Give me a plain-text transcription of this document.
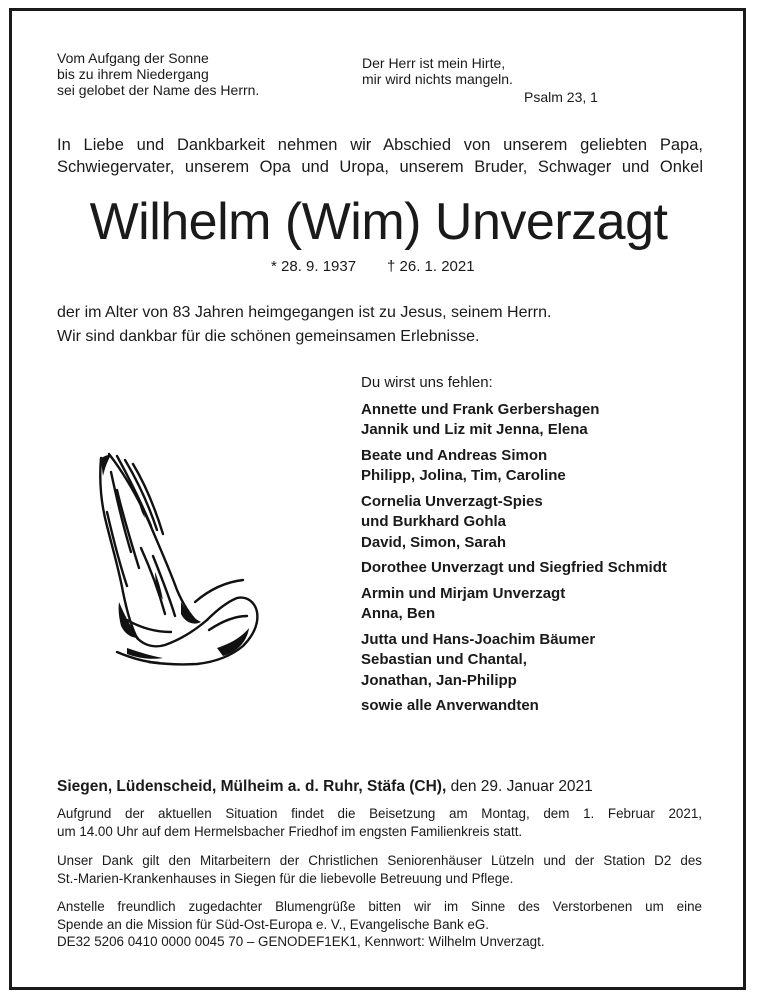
Vom Aufgang der Sonne
bis zu ihrem Niedergang
sei gelobet der Name des Herrn.
Der Herr ist mein Hirte,
mir wird nichts mangeln.
Psalm 23, 1
In Liebe und Dankbarkeit nehmen wir Abschied von unserem geliebten Papa,
Schwiegervater, unserem Opa und Uropa, unserem Bruder, Schwager und Onkel
Wilhelm (Wim) Unverzagt
* 28. 9. 1937 † 26. 1. 2021
der im Alter von 83 Jahren heimgegangen ist zu Jesus, seinem Herrn.
Wir sind dankbar für die schönen gemeinsamen Erlebnisse.
Du wirst uns fehlen:
Annette und Frank Gerbershagen
Jannik und Liz mit Jenna, Elena
Beate und Andreas Simon
Philipp, Jolina, Tim, Caroline
Cornelia Unverzagt-Spies
und Burkhard Gohla
David, Simon, Sarah
Dorothee Unverzagt und Siegfried Schmidt
Armin und Mirjam Unverzagt
Anna, Ben
Jutta und Hans-Joachim Bäumer
Sebastian und Chantal,
Jonathan, Jan-Philipp
sowie alle Anverwandten
Siegen, Lüdenscheid, Mülheim a. d. Ruhr, Stäfa (CH), den 29. Januar 2021
Aufgrund der aktuellen Situation findet die Beisetzung am Montag, dem 1. Februar 2021,
um 14.00 Uhr auf dem Hermelsbacher Friedhof im engsten Familienkreis statt.
Unser Dank gilt den Mitarbeitern der Christlichen Seniorenhäuser Lützeln und der Station D2 des
St.-Marien-Krankenhauses in Siegen für die liebevolle Betreuung und Pflege.
Anstelle freundlich zugedachter Blumengrüße bitten wir im Sinne des Verstorbenen um eine
Spende an die Mission für Süd-Ost-Europa e. V., Evangelische Bank eG.
DE32 5206 0410 0000 0045 70 – GENODEF1EK1, Kennwort: Wilhelm Unverzagt.
